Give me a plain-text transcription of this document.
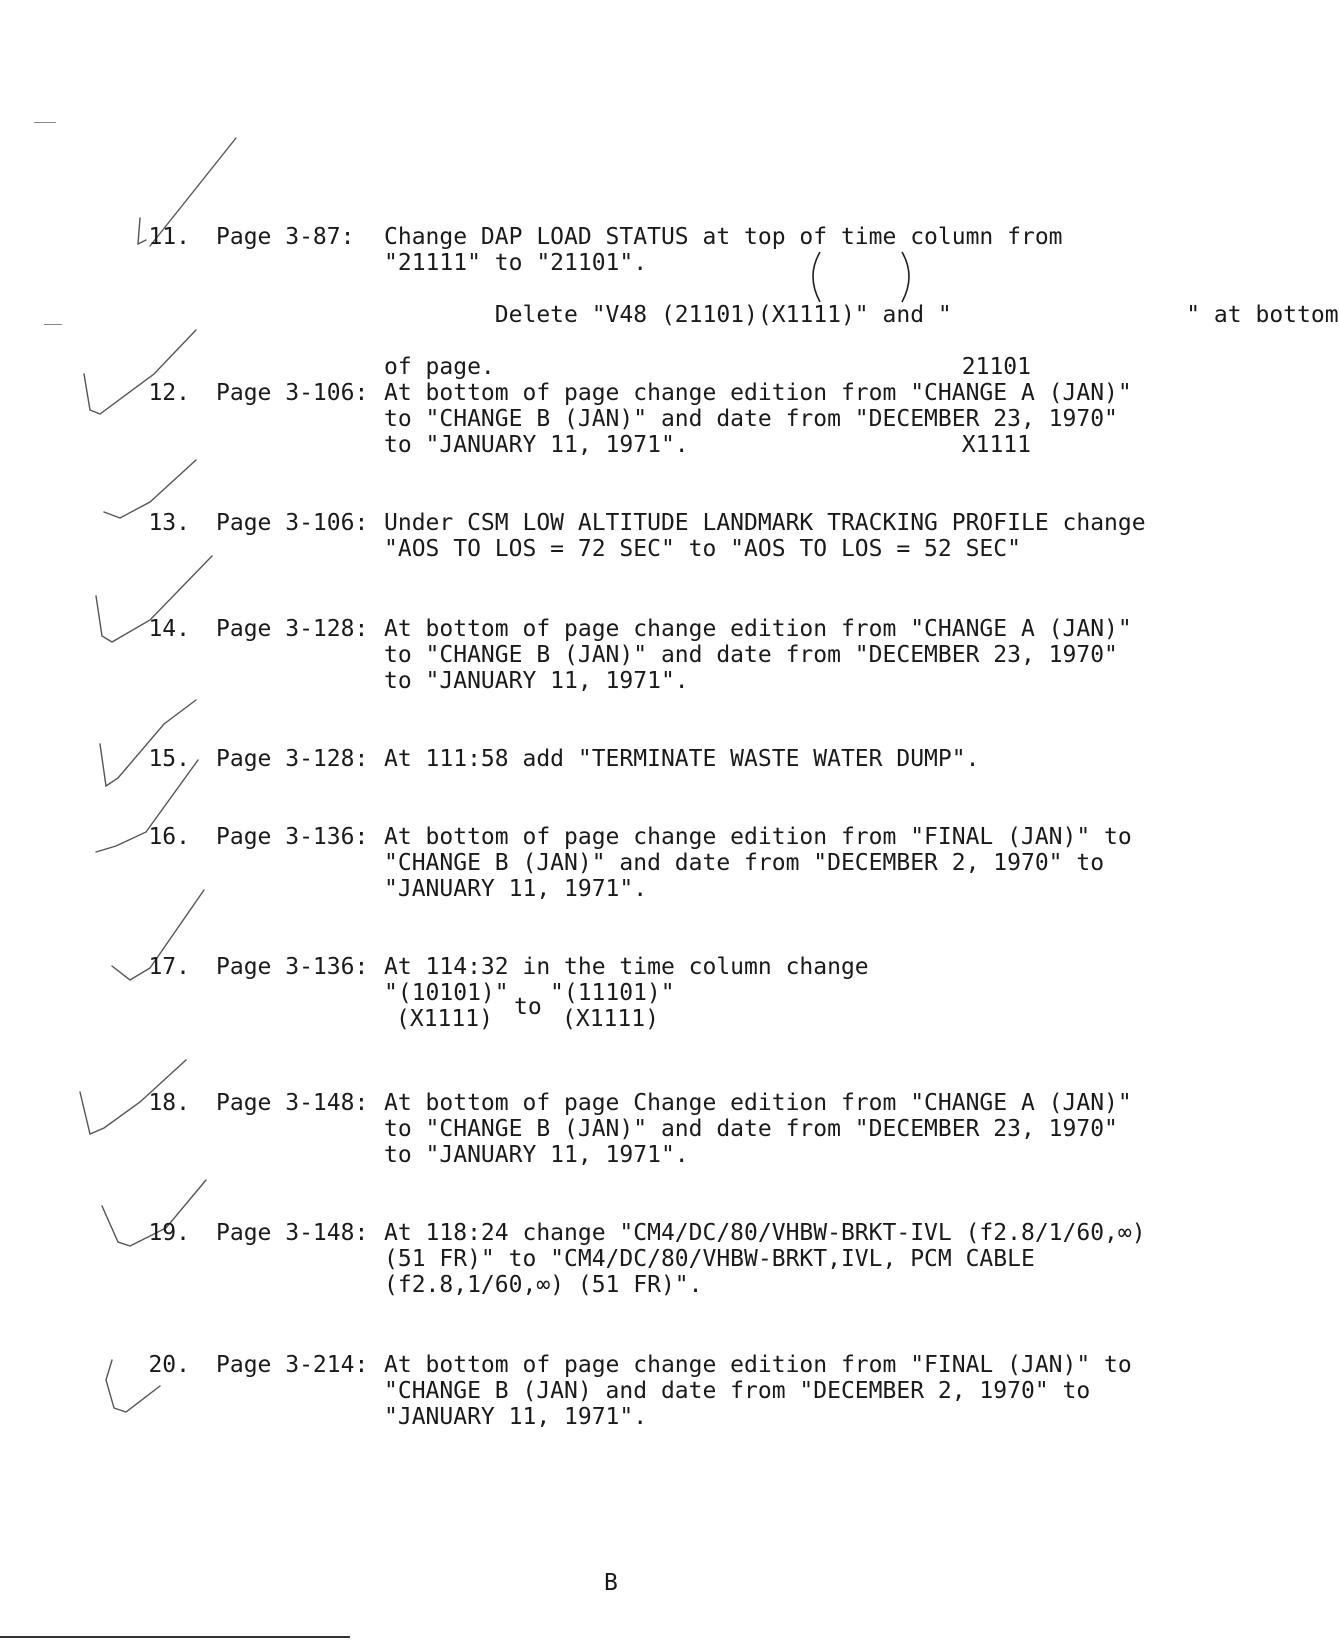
11. Page 3-87: Change DAP LOAD STATUS at top of time column from
"21111" to "21101".

Delete "V48 (21101)(X1111)" and "

21101

X1111

" at bottom

of page.
12. Page 3-106: At bottom of page change edition from "CHANGE A (JAN)"
to "CHANGE B (JAN)" and date from "DECEMBER 23, 1970"
to "JANUARY 11, 1971".
13. Page 3-106: Under CSM LOW ALTITUDE LANDMARK TRACKING PROFILE change
"AOS TO LOS = 72 SEC" to "AOS TO LOS = 52 SEC"
14. Page 3-128: At bottom of page change edition from "CHANGE A (JAN)"
to "CHANGE B (JAN)" and date from "DECEMBER 23, 1970"
to "JANUARY 11, 1971".
15. Page 3-128: At 111:58 add "TERMINATE WASTE WATER DUMP".
16. Page 3-136: At bottom of page change edition from "FINAL (JAN)" to
"CHANGE B (JAN)" and date from "DECEMBER 2, 1970" to
"JANUARY 11, 1971".
17. Page 3-136: At 114:32 in the time column change
"(10101)"
(X1111) to
"(11101)"
(X1111)
18. Page 3-148: At bottom of page Change edition from "CHANGE A (JAN)"
to "CHANGE B (JAN)" and date from "DECEMBER 23, 1970"
to "JANUARY 11, 1971".
19. Page 3-148: At 118:24 change "CM4/DC/80/VHBW-BRKT-IVL (f2.8/1/60,∞)
(51 FR)" to "CM4/DC/80/VHBW-BRKT,IVL, PCM CABLE
(f2.8,1/60,∞) (51 FR)".
20. Page 3-214: At bottom of page change edition from "FINAL (JAN)" to
"CHANGE B (JAN) and date from "DECEMBER 2, 1970" to
"JANUARY 11, 1971".
B
